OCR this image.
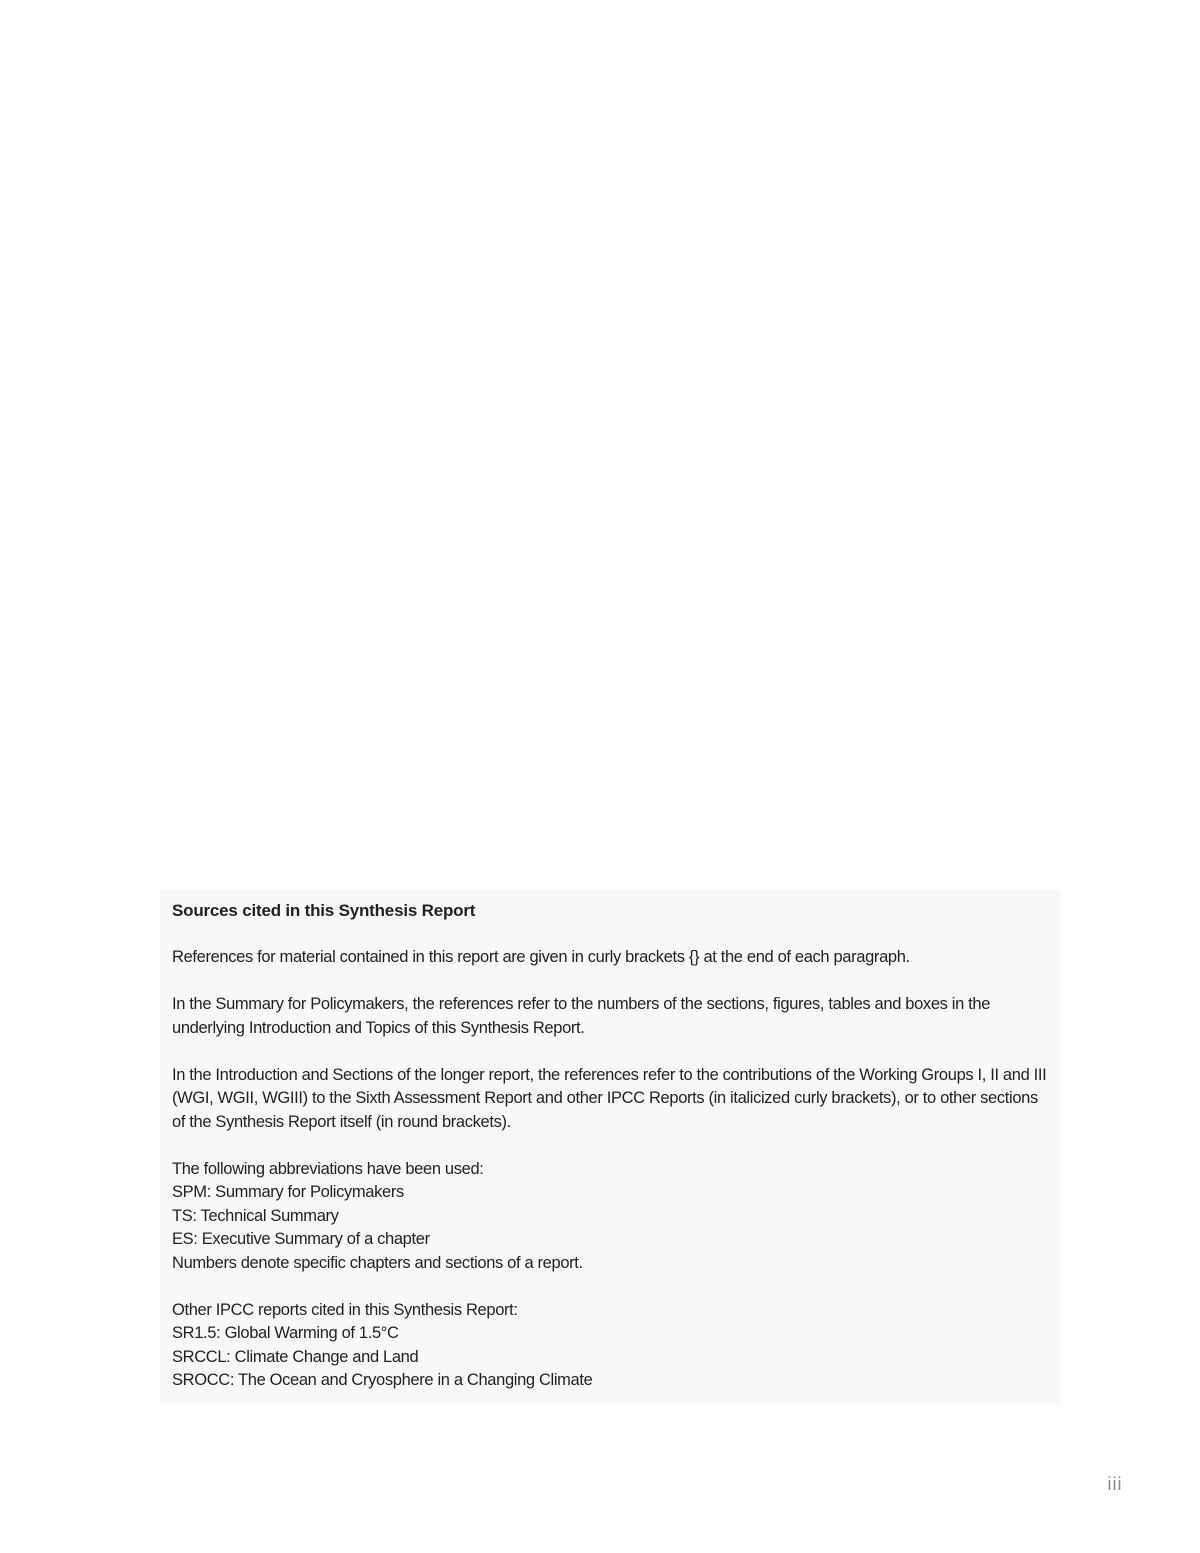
Sources cited in this Synthesis Report

References for material contained in this report are given in curly brackets {} at the end of each paragraph.

In the Summary for Policymakers, the references refer to the numbers of the sections, figures, tables and boxes in the underlying Introduction and Topics of this Synthesis Report.

In the Introduction and Sections of the longer report, the references refer to the contributions of the Working Groups I, II and III (WGI, WGII, WGIII) to the Sixth Assessment Report and other IPCC Reports (in italicized curly brackets), or to other sections of the Synthesis Report itself (in round brackets).

The following abbreviations have been used:
SPM: Summary for Policymakers
TS: Technical Summary
ES: Executive Summary of a chapter
Numbers denote specific chapters and sections of a report.

Other IPCC reports cited in this Synthesis Report:
SR1.5: Global Warming of 1.5°C
SRCCL: Climate Change and Land
SROCC: The Ocean and Cryosphere in a Changing Climate

iii
